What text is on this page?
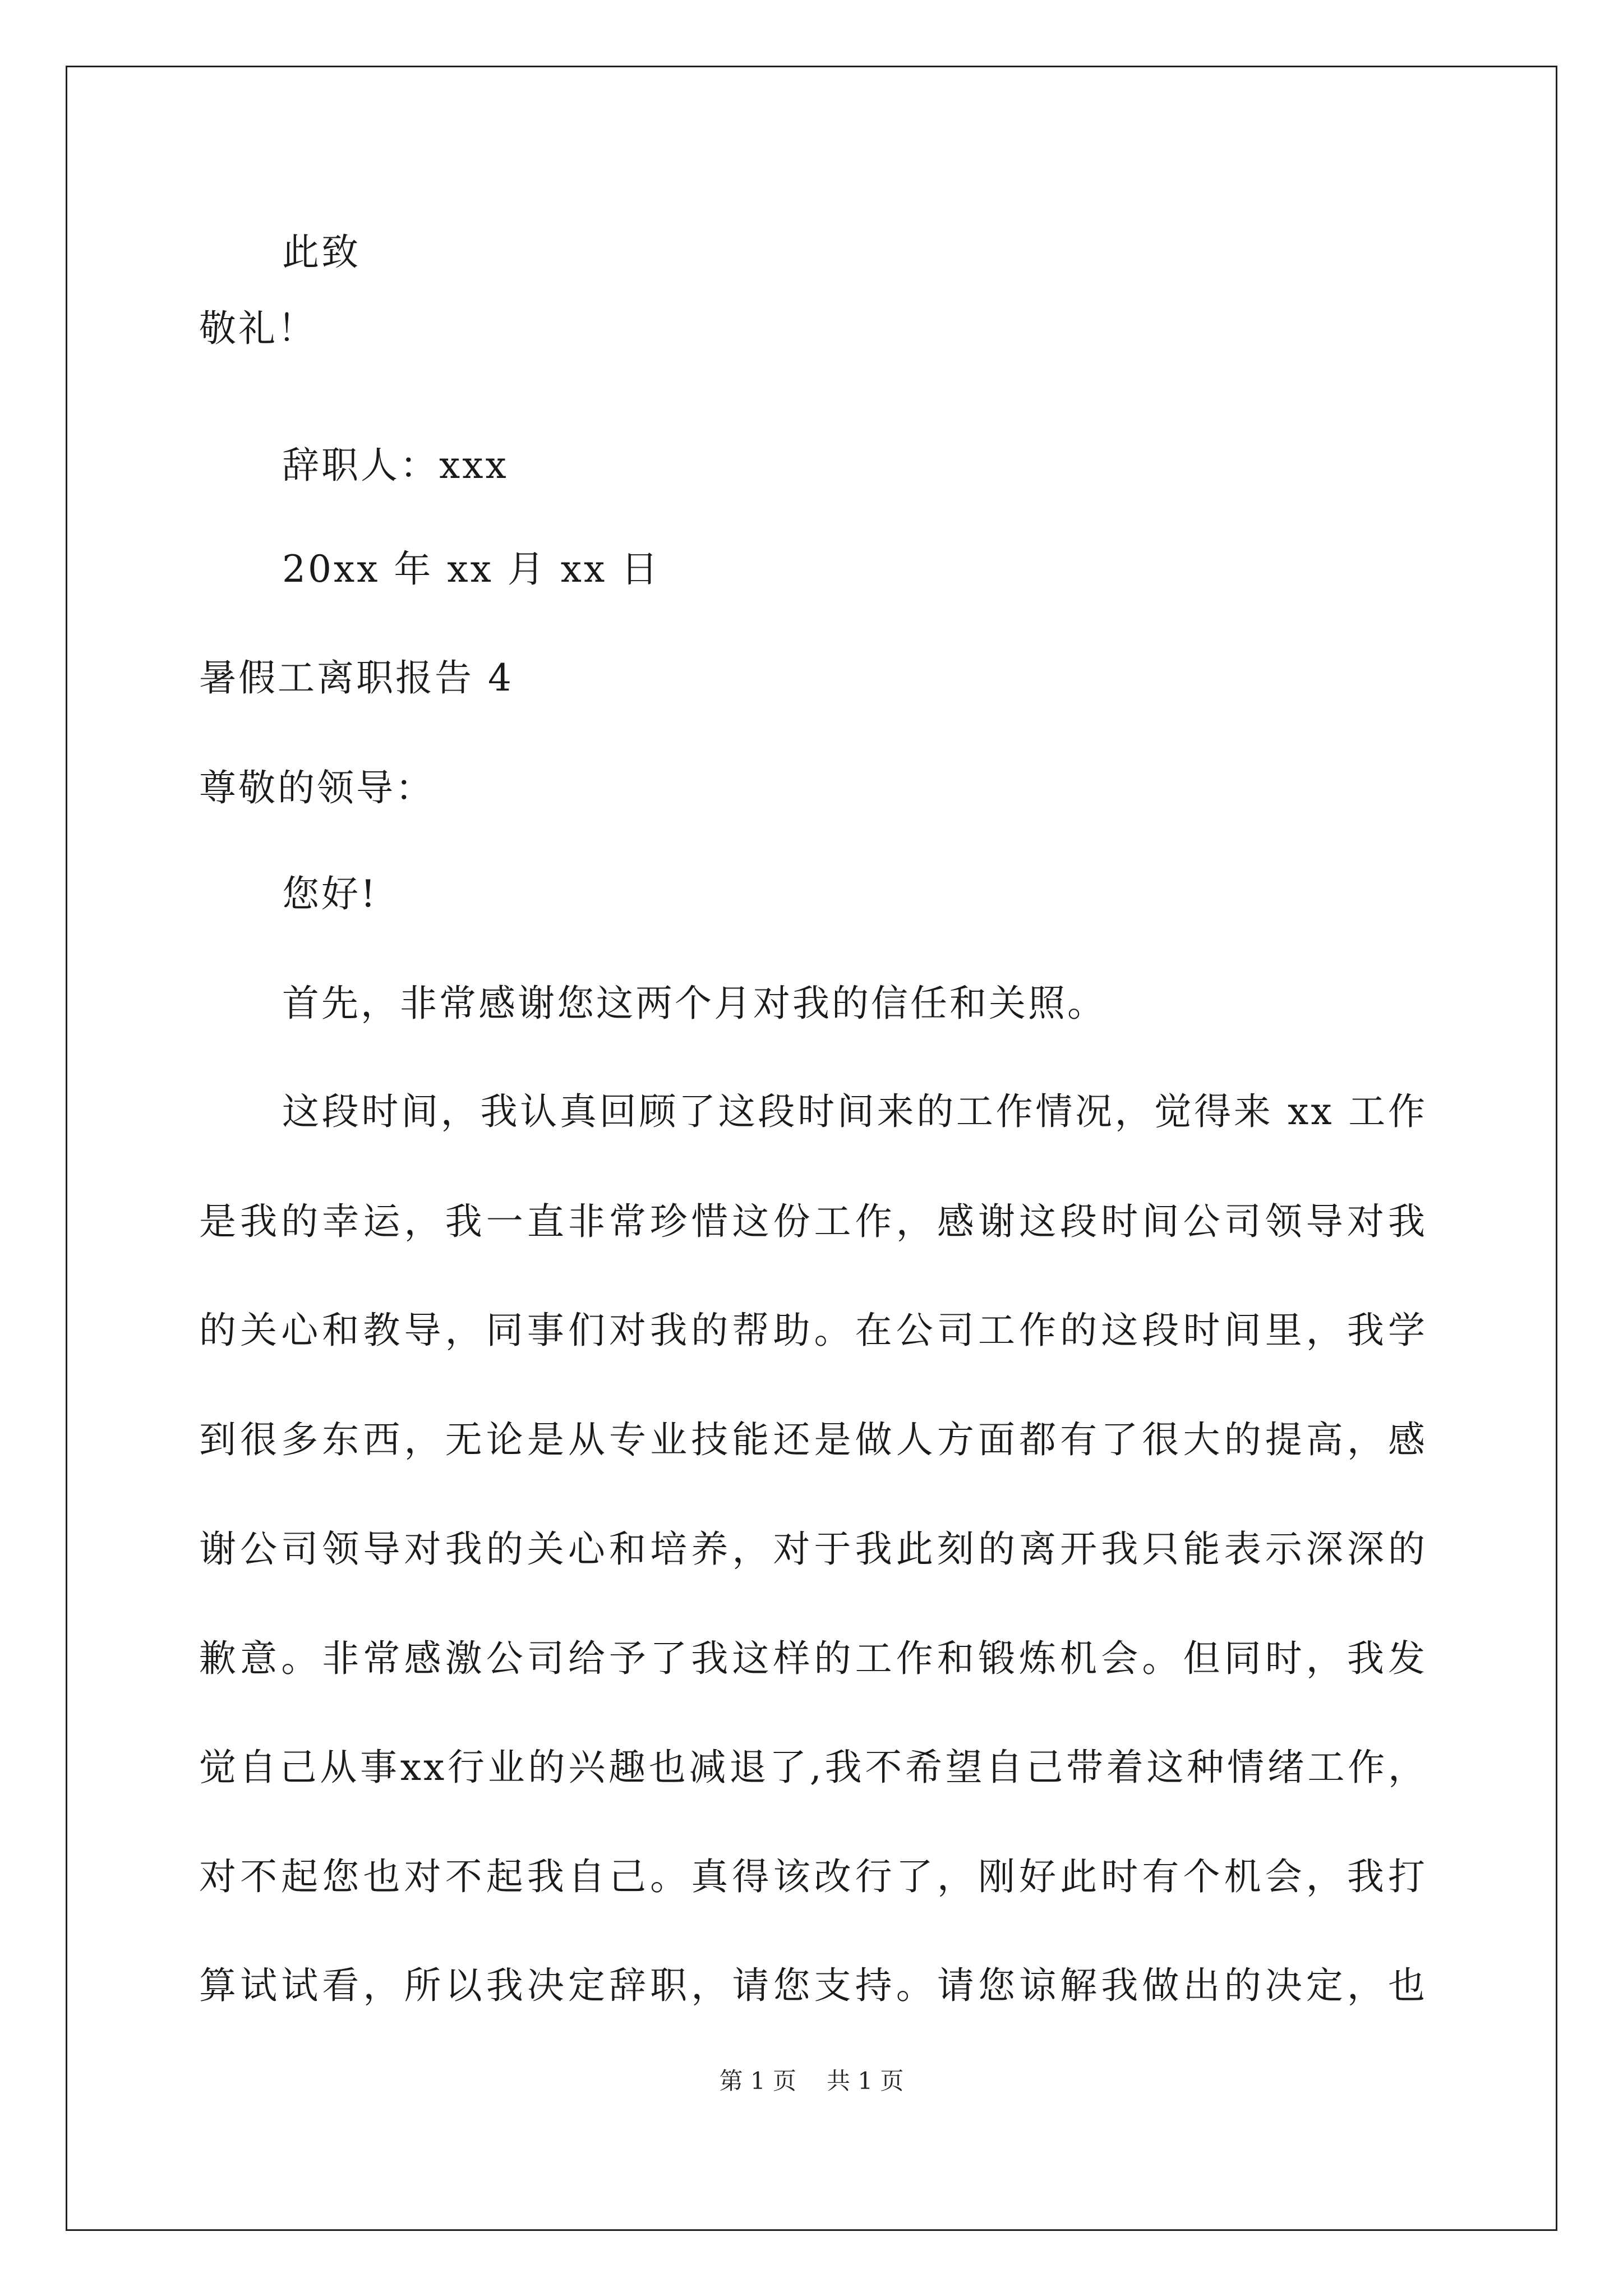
此致
敬礼！
辞职人：xxx
20xx 年 xx 月 xx 日
暑假工离职报告 4
尊敬的领导：
您好!
首先，非常感谢您这两个月对我的信任和关照。
这段时间，我认真回顾了这段时间来的工作情况，觉得来 xx 工作
是我的幸运，我一直非常珍惜这份工作，感谢这段时间公司领导对我
的关心和教导，同事们对我的帮助。在公司工作的这段时间里，我学
到很多东西，无论是从专业技能还是做人方面都有了很大的提高，感
谢公司领导对我的关心和培养，对于我此刻的离开我只能表示深深的
歉意。非常感激公司给予了我这样的工作和锻炼机会。但同时，我发
觉自己从事xx行业的兴趣也减退了,我不希望自己带着这种情绪工作，
对不起您也对不起我自己。真得该改行了，刚好此时有个机会，我打
算试试看，所以我决定辞职，请您支持。请您谅解我做出的决定，也
第 1 页 共 1 页
